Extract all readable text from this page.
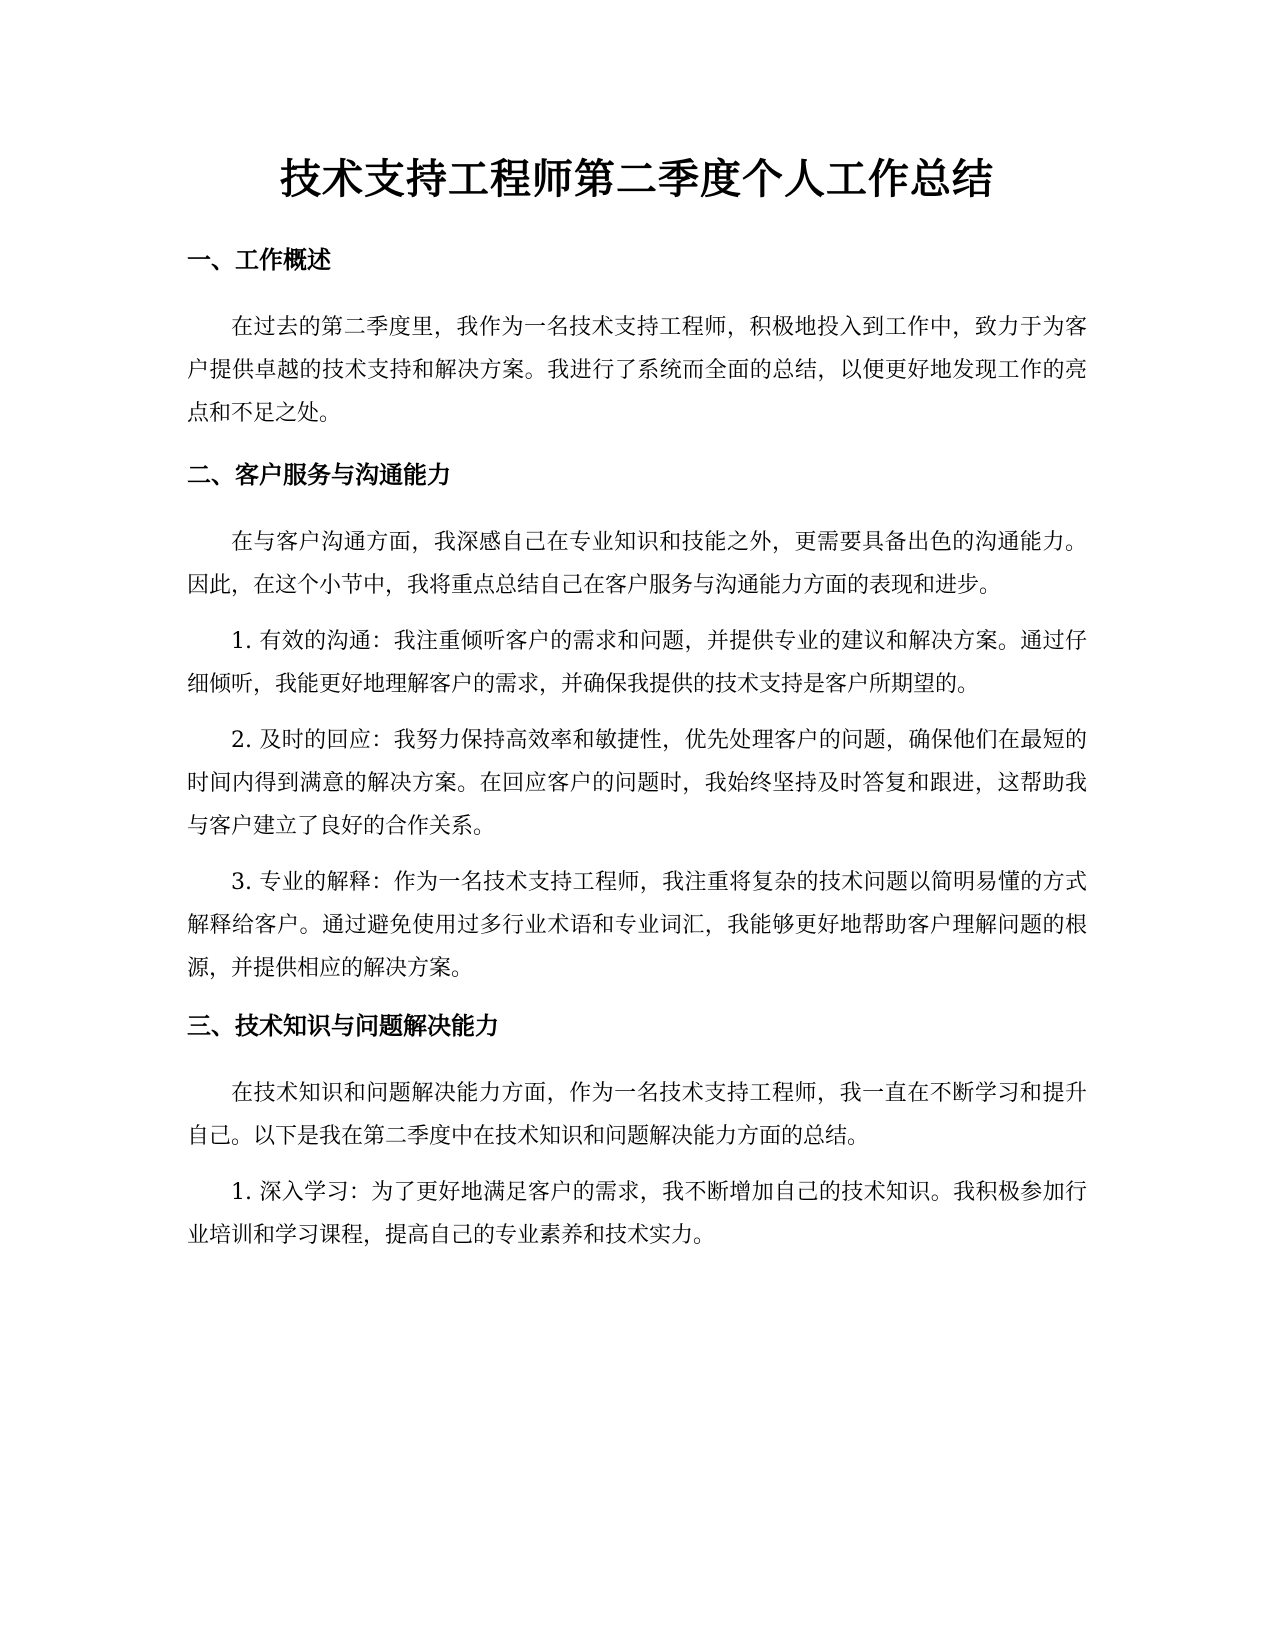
技术支持工程师第二季度个人工作总结
一、工作概述

在过去的第二季度里，我作为一名技术支持工程师，积极地投入到工作中，致力于为客户提供卓越的技术支持和解决方案。我进行了系统而全面的总结，以便更好地发现工作的亮点和不足之处。

二、客户服务与沟通能力

在与客户沟通方面，我深感自己在专业知识和技能之外，更需要具备出色的沟通能力。因此，在这个小节中，我将重点总结自己在客户服务与沟通能力方面的表现和进步。

1. 有效的沟通：我注重倾听客户的需求和问题，并提供专业的建议和解决方案。通过仔细倾听，我能更好地理解客户的需求，并确保我提供的技术支持是客户所期望的。

2. 及时的回应：我努力保持高效率和敏捷性，优先处理客户的问题，确保他们在最短的时间内得到满意的解决方案。在回应客户的问题时，我始终坚持及时答复和跟进，这帮助我与客户建立了良好的合作关系。

3. 专业的解释：作为一名技术支持工程师，我注重将复杂的技术问题以简明易懂的方式解释给客户。通过避免使用过多行业术语和专业词汇，我能够更好地帮助客户理解问题的根源，并提供相应的解决方案。

三、技术知识与问题解决能力

在技术知识和问题解决能力方面，作为一名技术支持工程师，我一直在不断学习和提升自己。以下是我在第二季度中在技术知识和问题解决能力方面的总结。

1. 深入学习：为了更好地满足客户的需求，我不断增加自己的技术知识。我积极参加行业培训和学习课程，提高自己的专业素养和技术实力。
